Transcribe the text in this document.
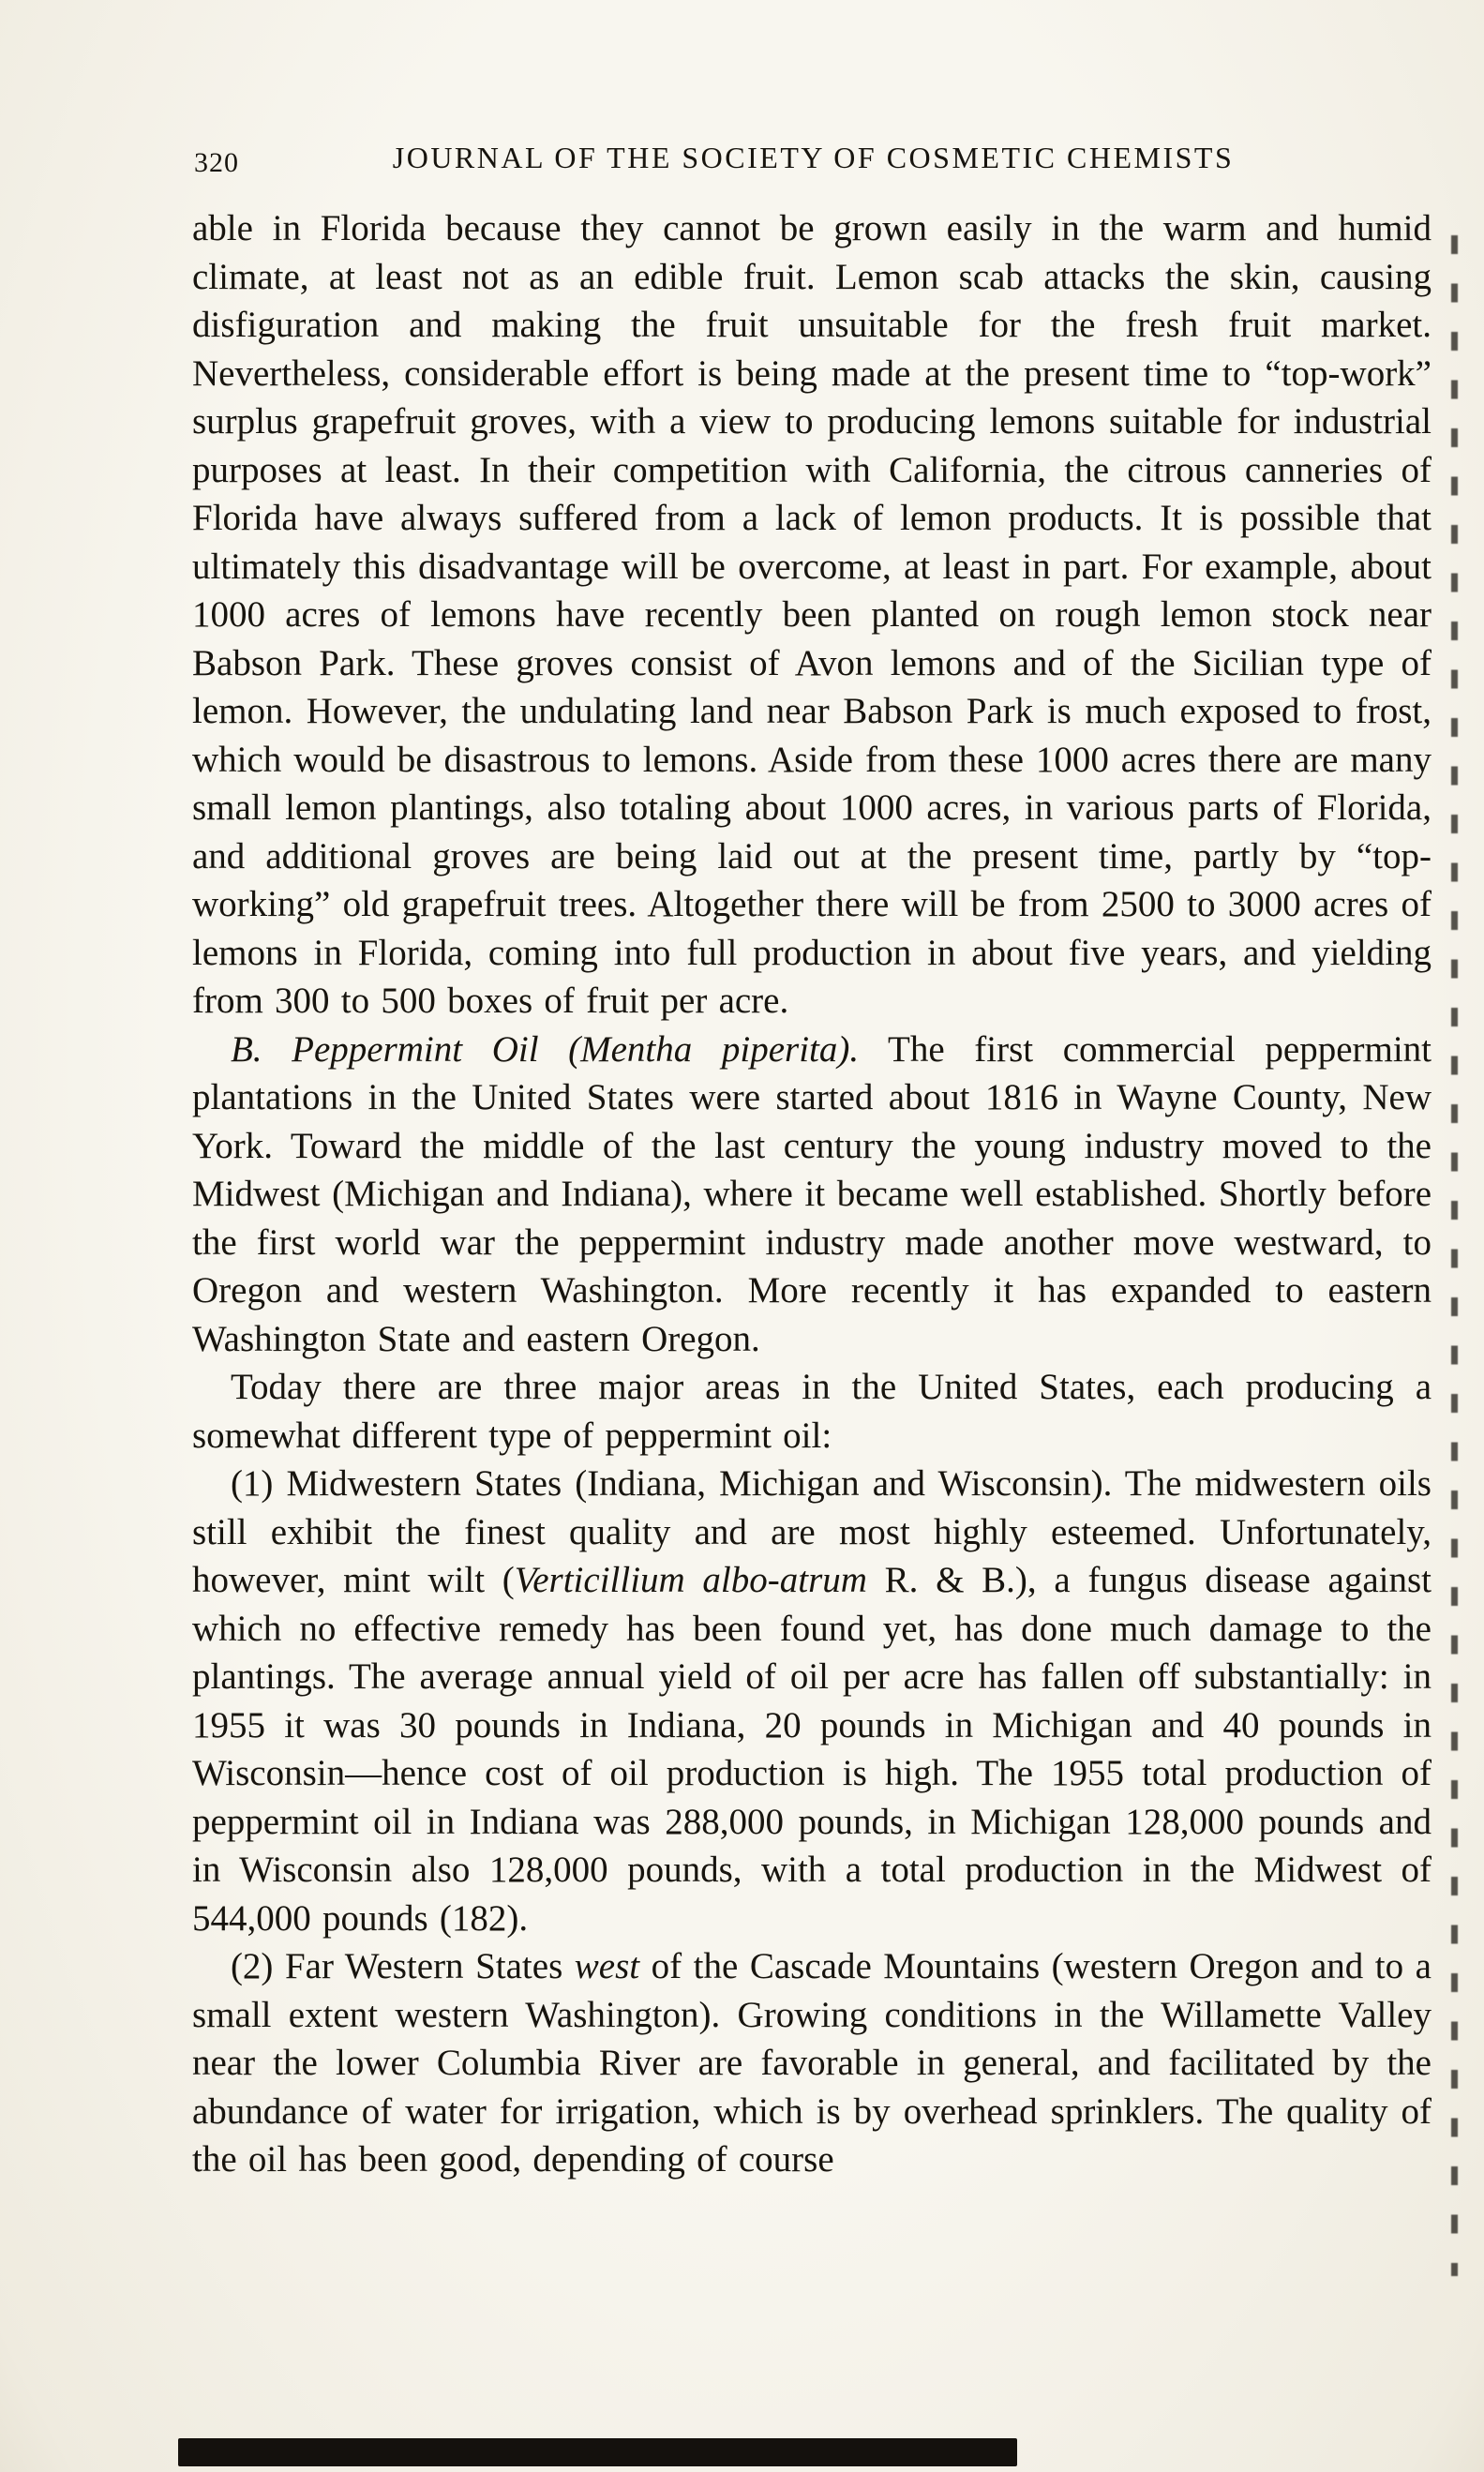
320	JOURNAL OF THE SOCIETY OF COSMETIC CHEMISTS

able in Florida because they cannot be grown easily in the warm and humid climate, at least not as an edible fruit. Lemon scab attacks the skin, causing disfiguration and making the fruit unsuitable for the fresh fruit market. Nevertheless, considerable effort is being made at the present time to “top-work” surplus grapefruit groves, with a view to producing lemons suitable for industrial purposes at least. In their competition with California, the citrous canneries of Florida have always suffered from a lack of lemon products. It is possible that ultimately this disadvantage will be overcome, at least in part. For example, about 1000 acres of lemons have recently been planted on rough lemon stock near Babson Park. These groves consist of Avon lemons and of the Sicilian type of lemon. However, the undulating land near Babson Park is much exposed to frost, which would be disastrous to lemons. Aside from these 1000 acres there are many small lemon plantings, also totaling about 1000 acres, in various parts of Florida, and additional groves are being laid out at the present time, partly by “top-working” old grapefruit trees. Altogether there will be from 2500 to 3000 acres of lemons in Florida, coming into full production in about five years, and yielding from 300 to 500 boxes of fruit per acre.

B. Peppermint Oil (Mentha piperita). The first commercial peppermint plantations in the United States were started about 1816 in Wayne County, New York. Toward the middle of the last century the young industry moved to the Midwest (Michigan and Indiana), where it became well established. Shortly before the first world war the peppermint industry made another move westward, to Oregon and western Washington. More recently it has expanded to eastern Washington State and eastern Oregon.

Today there are three major areas in the United States, each producing a somewhat different type of peppermint oil:

(1) Midwestern States (Indiana, Michigan and Wisconsin). The midwestern oils still exhibit the finest quality and are most highly esteemed. Unfortunately, however, mint wilt (Verticillium albo-atrum R. & B.), a fungus disease against which no effective remedy has been found yet, has done much damage to the plantings. The average annual yield of oil per acre has fallen off substantially: in 1955 it was 30 pounds in Indiana, 20 pounds in Michigan and 40 pounds in Wisconsin—hence cost of oil production is high. The 1955 total production of peppermint oil in Indiana was 288,000 pounds, in Michigan 128,000 pounds and in Wisconsin also 128,000 pounds, with a total production in the Midwest of 544,000 pounds (182).

(2) Far Western States west of the Cascade Mountains (western Oregon and to a small extent western Washington). Growing conditions in the Willamette Valley near the lower Columbia River are favorable in general, and facilitated by the abundance of water for irrigation, which is by overhead sprinklers. The quality of the oil has been good, depending of course
